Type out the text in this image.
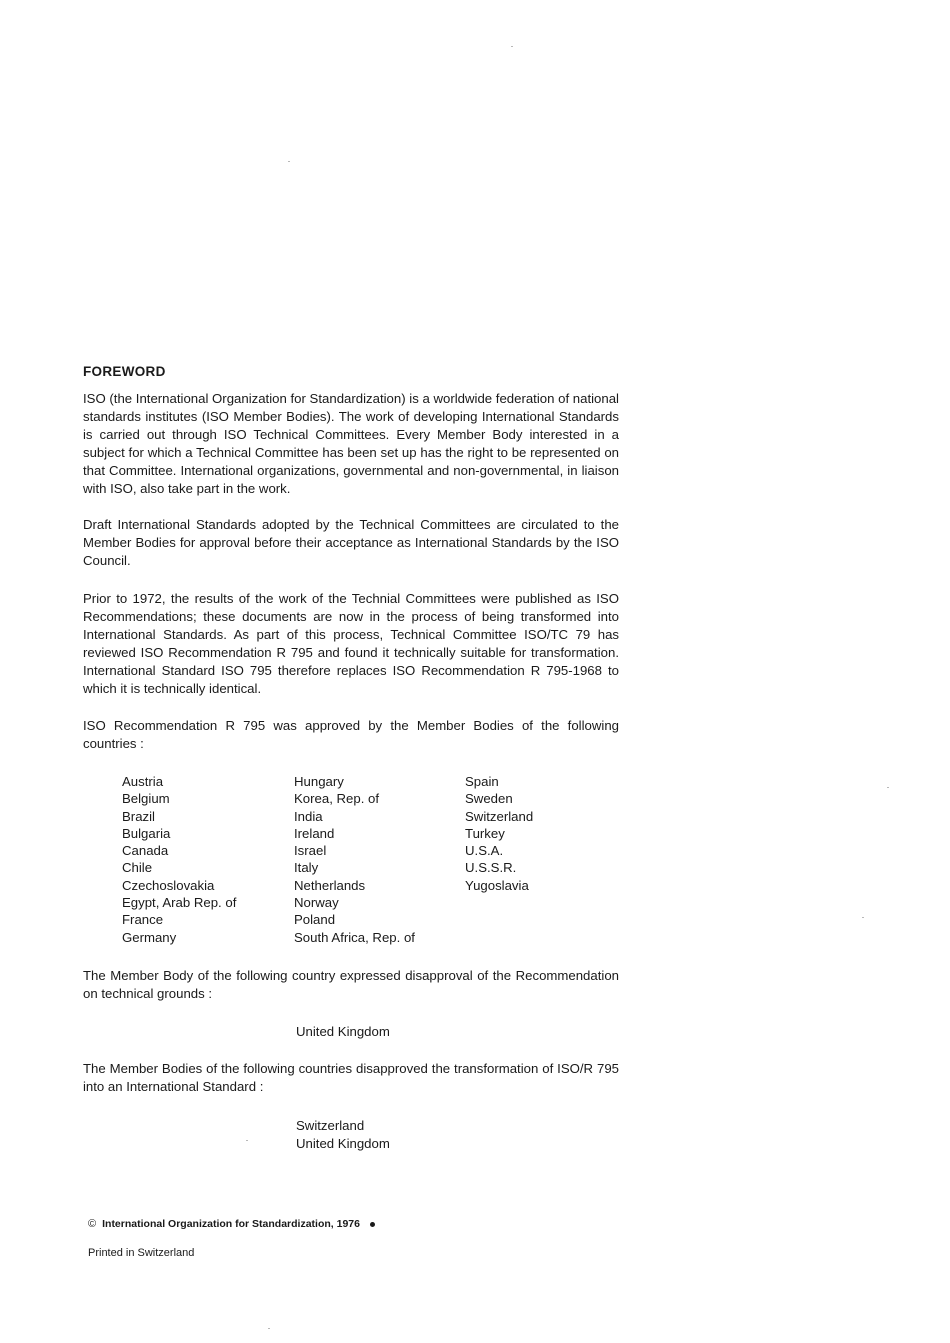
FOREWORD

ISO (the International Organization for Standardization) is a worldwide federation of national standards institutes (ISO Member Bodies). The work of developing International Standards is carried out through ISO Technical Committees. Every Member Body interested in a subject for which a Technical Committee has been set up has the right to be represented on that Committee. International organizations, governmental and non-governmental, in liaison with ISO, also take part in the work.

Draft International Standards adopted by the Technical Committees are circulated to the Member Bodies for approval before their acceptance as International Standards by the ISO Council.

Prior to 1972, the results of the work of the Technial Committees were published as ISO Recommendations; these documents are now in the process of being transformed into International Standards. As part of this process, Technical Committee ISO/TC 79 has reviewed ISO Recommendation R 795 and found it technically suitable for transformation. International Standard ISO 795 therefore replaces ISO Recommendation R 795-1968 to which it is technically identical.

ISO Recommendation R 795 was approved by the Member Bodies of the following countries :

Austria
Belgium
Brazil
Bulgaria
Canada
Chile
Czechoslovakia
Egypt, Arab Rep. of
France
Germany
Hungary
Korea, Rep. of
India
Ireland
Israel
Italy
Netherlands
Norway
Poland
South Africa, Rep. of
Spain
Sweden
Switzerland
Turkey
U.S.A.
U.S.S.R.
Yugoslavia

The Member Body of the following country expressed disapproval of the Recommendation on technical grounds :

United Kingdom

The Member Bodies of the following countries disapproved the transformation of ISO/R 795 into an International Standard :

Switzerland
United Kingdom
© International Organization for Standardization, 1976
Printed in Switzerland
